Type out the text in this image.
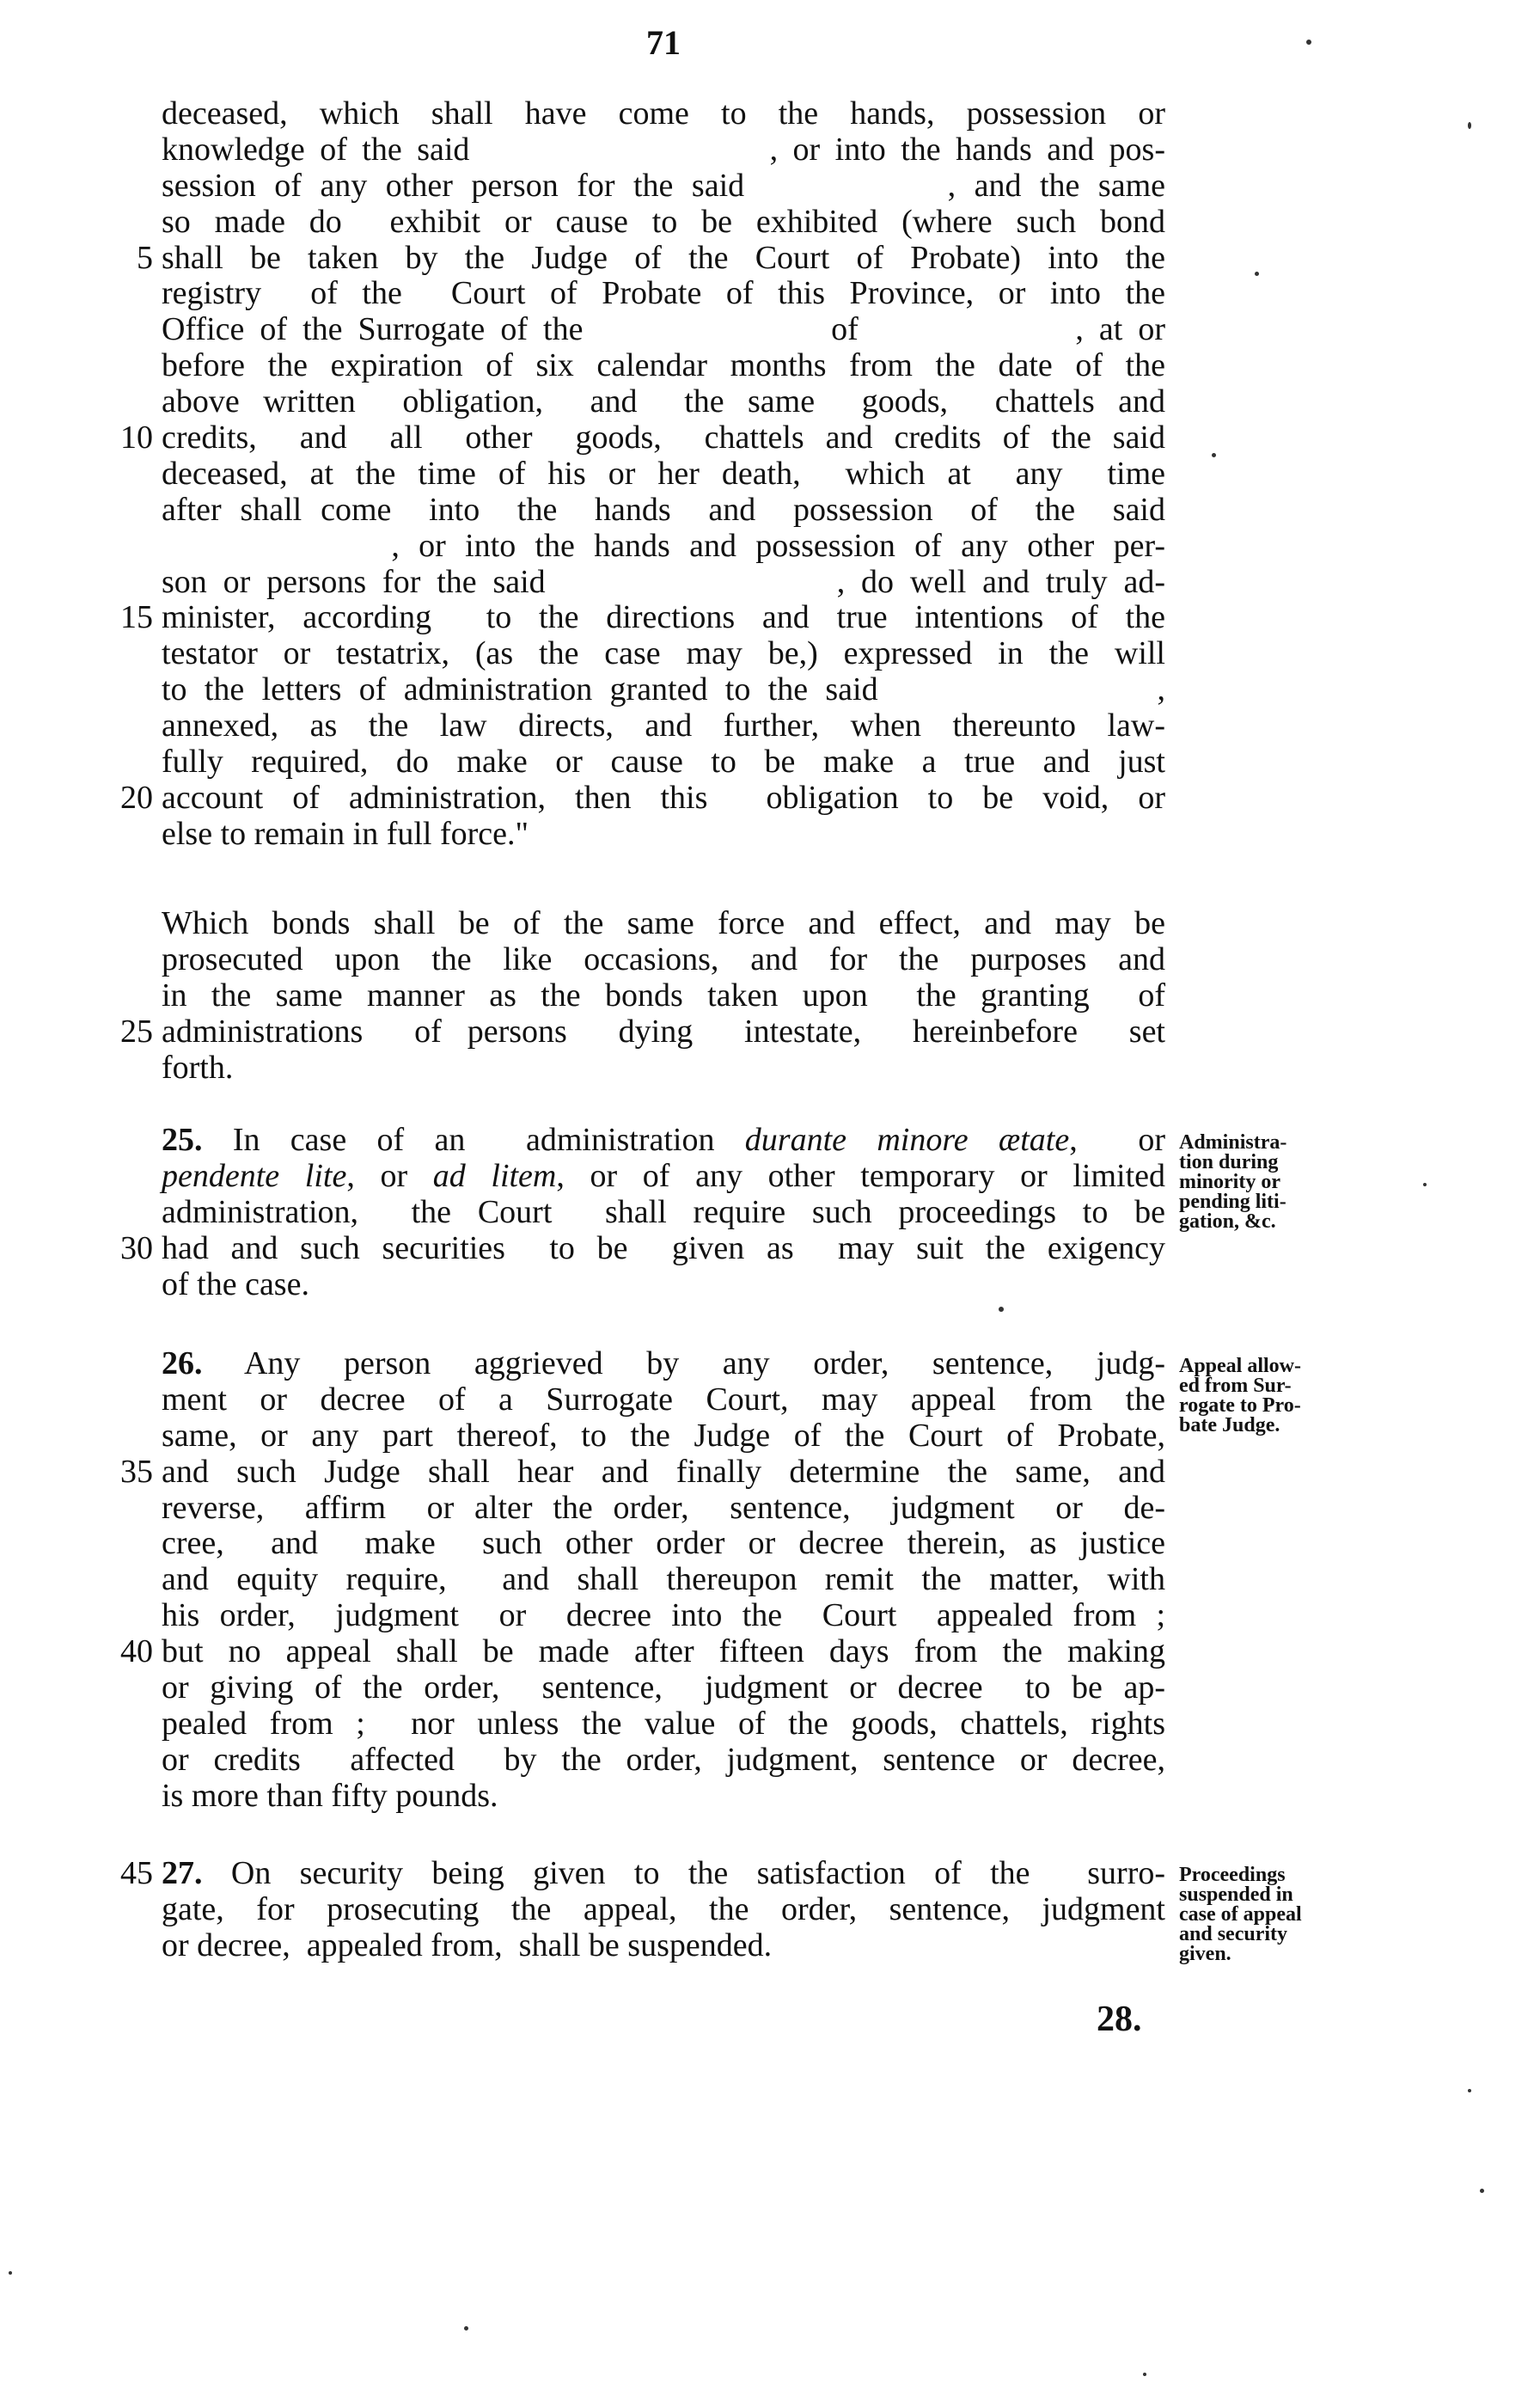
71
deceased, which shall have come to the hands, possession or
knowledge of the said                    , or into the hands and pos-
session of any other person for the said           , and the same
so made do  exhibit or cause to be exhibited (where such bond
5 shall be taken by the Judge of the Court of Probate) into the
registry  of the  Court of Probate of this Province, or into the
Office of the Surrogate of the                of              , at or
before the expiration of six calendar months from the date of the
above written  obligation,  and  the same  goods,  chattels and
10 credits,  and  all  other  goods,  chattels and credits of the said
deceased, at the time of his or her death,  which at  any  time
after shall come  into  the  hands  and  possession  of  the  said
, or into the hands and possession of any other per-
son or persons for the said                  , do well and truly ad-
15 minister, according  to the directions and true intentions of the
testator or testatrix, (as the case may be,) expressed in the will
to the letters of administration granted to the said                ,
annexed, as the law directs, and further, when thereunto law-
fully required, do make or cause to be make a true and just
20 account of administration, then this  obligation to be void, or
else to remain in full force."
Which bonds shall be of the same force and effect, and may be
prosecuted upon the like occasions, and for the purposes and
in the same manner as the bonds taken upon  the granting  of
25 administrations  of persons  dying  intestate,  hereinbefore  set
forth.
25. In case of an  administration durante minore ætate,  or
pendente lite, or ad litem, or of any other temporary or limited
administration,  the Court  shall require such proceedings to be
30 had and such securities  to be  given as  may suit the exigency
of the case.
26. Any person aggrieved by any order, sentence, judg-
ment or decree of a Surrogate Court, may appeal from the
same, or any part thereof, to the Judge of the Court of Probate,
35 and such Judge shall hear and finally determine the same, and
reverse,  affirm  or alter the order,  sentence,  judgment  or  de-
cree,  and  make  such other order or decree therein, as justice
and equity require,  and shall thereupon remit the matter, with
his order,  judgment  or  decree into the  Court  appealed from ;
40 but no appeal shall be made after fifteen days from the making
or giving of the order,  sentence,  judgment or decree  to be ap-
pealed from ;  nor unless the value of the goods, chattels, rights
or credits  affected  by the order, judgment, sentence or decree,
is more than fifty pounds.
45 27. On security being given to the satisfaction of the  surro-
gate, for prosecuting the appeal, the order, sentence, judgment
or decree,  appealed from,  shall be suspended.
Administra-
tion during
minority or
pending liti-
gation, &c.
Appeal allow-
ed from Sur-
rogate to Pro-
bate Judge.
Proceedings
suspended in
case of appeal
and security
given.
28.
